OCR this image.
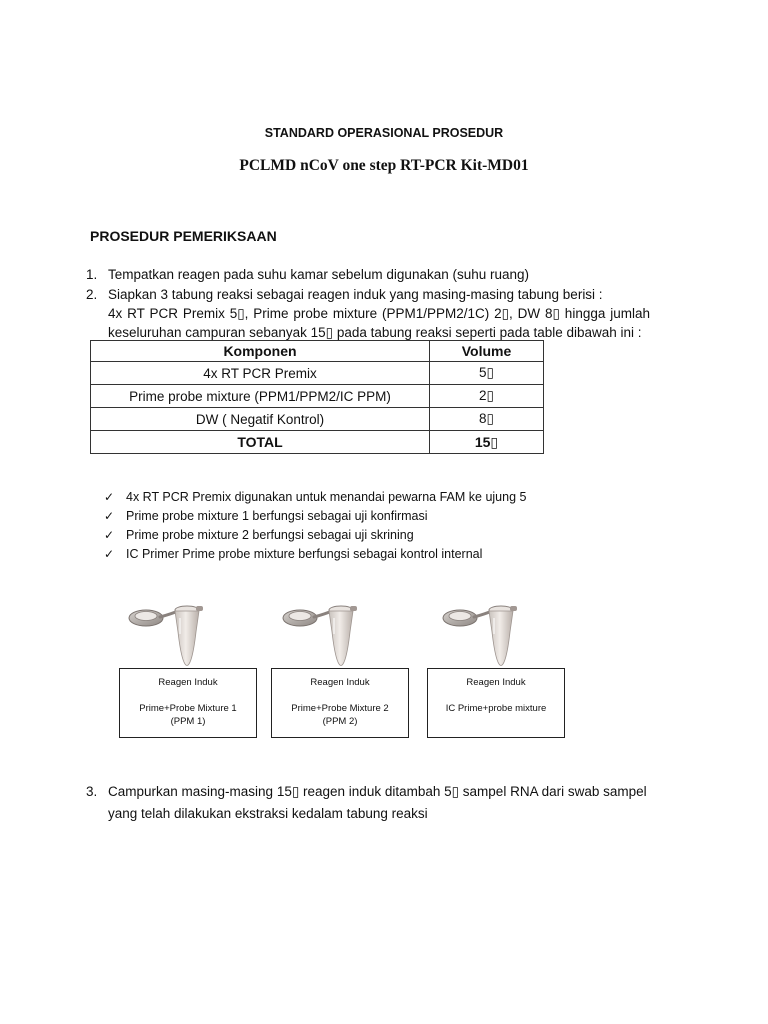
STANDARD OPERASIONAL PROSEDUR
PCLMD nCoV one step RT-PCR Kit-MD01
PROSEDUR PEMERIKSAAN
1. Tempatkan reagen pada suhu kamar sebelum digunakan (suhu ruang)
2. Siapkan 3 tabung reaksi sebagai reagen induk yang masing-masing tabung berisi :
4x RT PCR Premix 5▯, Prime probe mixture (PPM1/PPM2/1C) 2▯, DW 8▯ hingga jumlah
keseluruhan campuran sebanyak 15▯ pada tabung reaksi seperti pada table dibawah ini :
Komponen	Volume
4x RT PCR Premix	5▯
Prime probe mixture (PPM1/PPM2/IC PPM)	2▯
DW ( Negatif Kontrol)	8▯
TOTAL	15▯
✓ 4x RT PCR Premix digunakan untuk menandai pewarna FAM ke ujung 5
✓ Prime probe mixture 1 berfungsi sebagai uji konfirmasi
✓ Prime probe mixture 2 berfungsi sebagai uji skrining
✓ IC Primer Prime probe mixture berfungsi sebagai kontrol internal
Reagen Induk
Prime+Probe Mixture 1
(PPM 1)
Reagen Induk
Prime+Probe Mixture 2
(PPM 2)
Reagen Induk
IC Prime+probe mixture
3. Campurkan masing-masing 15▯ reagen induk ditambah 5▯ sampel RNA dari swab sampel
yang telah dilakukan ekstraksi kedalam tabung reaksi
